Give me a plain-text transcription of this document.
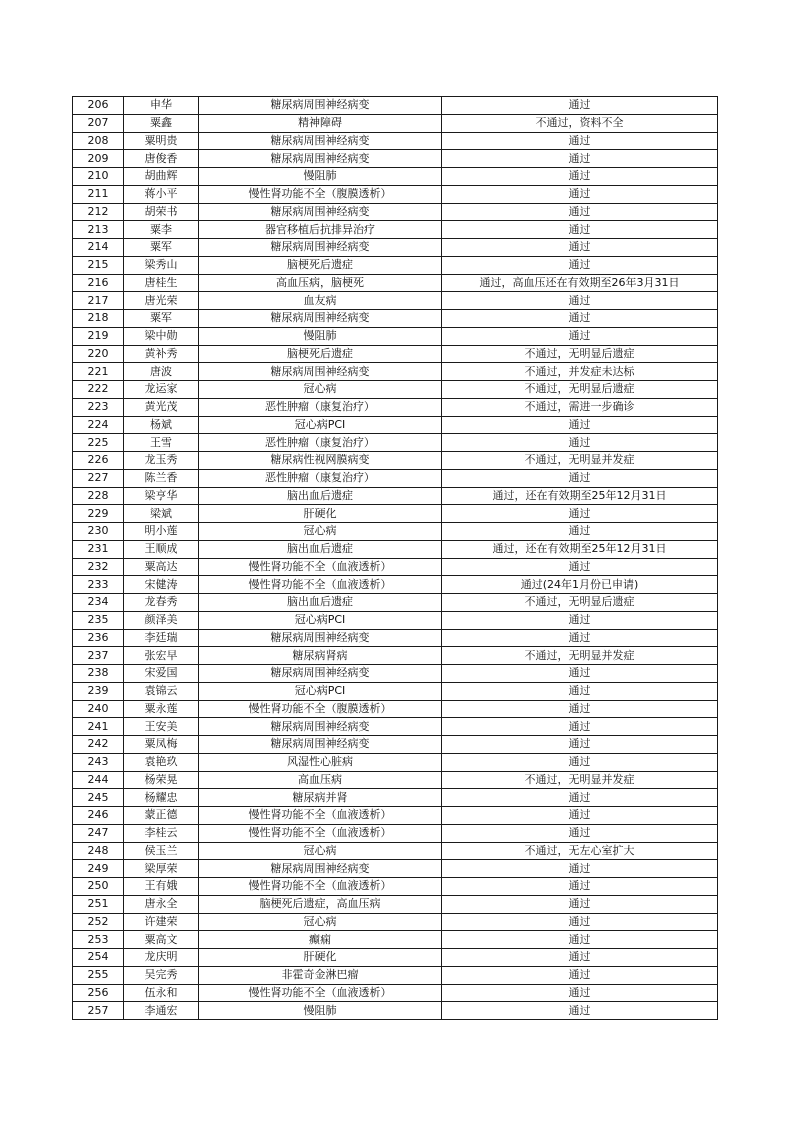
206	申华	糖尿病周围神经病变	通过
207	粟鑫	精神障碍	不通过，资料不全
208	粟明贵	糖尿病周围神经病变	通过
209	唐俊香	糖尿病周围神经病变	通过
210	胡曲辉	慢阻肺	通过
211	蒋小平	慢性肾功能不全（腹膜透析）	通过
212	胡荣书	糖尿病周围神经病变	通过
213	粟李	器官移植后抗排异治疗	通过
214	粟军	糖尿病周围神经病变	通过
215	梁秀山	脑梗死后遗症	通过
216	唐桂生	高血压病，脑梗死	通过，高血压还在有效期至26年3月31日
217	唐光荣	血友病	通过
218	粟军	糖尿病周围神经病变	通过
219	梁中勋	慢阻肺	通过
220	黄补秀	脑梗死后遗症	不通过，无明显后遗症
221	唐波	糖尿病周围神经病变	不通过，并发症未达标
222	龙运家	冠心病	不通过，无明显后遗症
223	黄光茂	恶性肿瘤（康复治疗）	不通过，需进一步确诊
224	杨斌	冠心病PCI	通过
225	王雪	恶性肿瘤（康复治疗）	通过
226	龙玉秀	糖尿病性视网膜病变	不通过，无明显并发症
227	陈兰香	恶性肿瘤（康复治疗）	通过
228	梁亨华	脑出血后遗症	通过，还在有效期至25年12月31日
229	梁斌	肝硬化	通过
230	明小莲	冠心病	通过
231	王顺成	脑出血后遗症	通过，还在有效期至25年12月31日
232	粟高达	慢性肾功能不全（血液透析）	通过
233	宋健涛	慢性肾功能不全（血液透析）	通过(24年1月份已申请)
234	龙春秀	脑出血后遗症	不通过，无明显后遗症
235	颜泽美	冠心病PCI	通过
236	李廷瑞	糖尿病周围神经病变	通过
237	张宏早	糖尿病肾病	不通过，无明显并发症
238	宋爱国	糖尿病周围神经病变	通过
239	袁锦云	冠心病PCI	通过
240	粟永莲	慢性肾功能不全（腹膜透析）	通过
241	王安美	糖尿病周围神经病变	通过
242	粟凤梅	糖尿病周围神经病变	通过
243	袁艳玖	风湿性心脏病	通过
244	杨荣晃	高血压病	不通过，无明显并发症
245	杨耀忠	糖尿病并肾	通过
246	蒙正德	慢性肾功能不全（血液透析）	通过
247	李桂云	慢性肾功能不全（血液透析）	通过
248	侯玉兰	冠心病	不通过，无左心室扩大
249	梁厚荣	糖尿病周围神经病变	通过
250	王有娥	慢性肾功能不全（血液透析）	通过
251	唐永全	脑梗死后遗症，高血压病	通过
252	许建荣	冠心病	通过
253	粟高文	癫痫	通过
254	龙庆明	肝硬化	通过
255	吴完秀	非霍奇金淋巴瘤	通过
256	伍永和	慢性肾功能不全（血液透析）	通过
257	李通宏	慢阻肺	通过
